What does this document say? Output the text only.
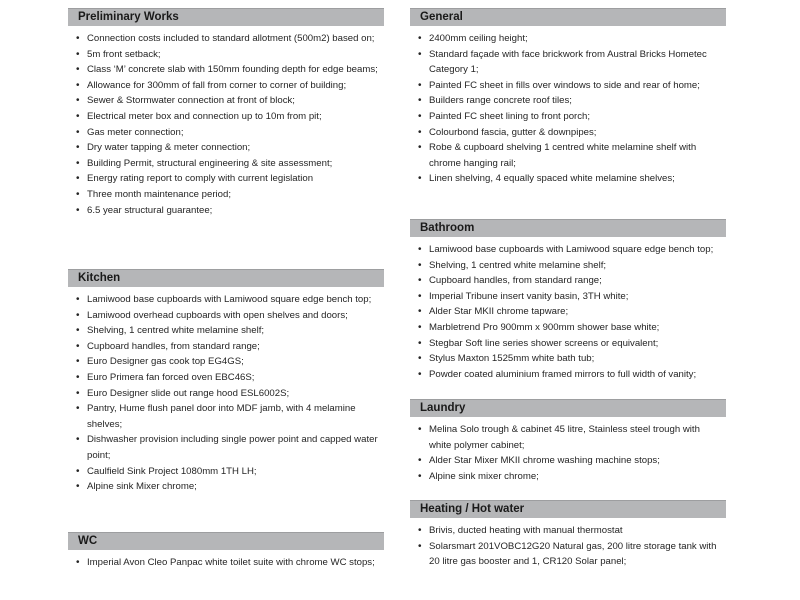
Preliminary Works
• Connection costs included to standard allotment (500m2) based on;
• 5m front setback;
• Class ‘M’ concrete slab with 150mm founding depth for edge beams;
• Allowance for 300mm of fall from corner to corner of building;
• Sewer & Stormwater connection at front of block;
• Electrical meter box and connection up to 10m from pit;
• Gas meter connection;
• Dry water tapping & meter connection;
• Building Permit, structural engineering & site assessment;
• Energy rating report to comply with current legislation
• Three month maintenance period;
• 6.5 year structural guarantee;
Kitchen
• Lamiwood base cupboards with Lamiwood square edge bench top;
• Lamiwood overhead cupboards with open shelves and doors;
• Shelving, 1 centred white melamine shelf;
• Cupboard handles, from standard range;
• Euro Designer gas cook top EG4GS;
• Euro Primera fan forced oven EBC46S;
• Euro Designer slide out range hood ESL6002S;
• Pantry, Hume flush panel door into MDF jamb, with 4 melamine shelves;
• Dishwasher provision including single power point and capped water point;
• Caulfield Sink Project 1080mm 1TH LH;
• Alpine sink Mixer chrome;
WC
• Imperial Avon Cleo Panpac white toilet suite with chrome WC stops;
General
• 2400mm ceiling height;
• Standard façade with face brickwork from Austral Bricks Hometec Category 1;
• Painted FC sheet in fills over windows to side and rear of home;
• Builders range concrete roof tiles;
• Painted FC sheet lining to front porch;
• Colourbond fascia, gutter & downpipes;
• Robe & cupboard shelving 1 centred white melamine shelf with chrome hanging rail;
• Linen shelving, 4 equally spaced white melamine shelves;
Bathroom
• Lamiwood base cupboards with Lamiwood square edge bench top;
• Shelving, 1 centred white melamine shelf;
• Cupboard handles, from standard range;
• Imperial Tribune insert vanity basin, 3TH white;
• Alder Star MKII chrome tapware;
• Marbletrend Pro 900mm x 900mm shower base white;
• Stegbar Soft line series shower screens or equivalent;
• Stylus Maxton 1525mm white bath tub;
• Powder coated aluminium framed mirrors to full width of vanity;
Laundry
• Melina Solo trough & cabinet 45 litre, Stainless steel trough with white polymer cabinet;
• Alder Star Mixer MKII chrome washing machine stops;
• Alpine sink mixer chrome;
Heating / Hot water
• Brivis, ducted heating with manual thermostat
• Solarsmart 201VOBC12G20 Natural gas, 200 litre storage tank with 20 litre gas booster and 1, CR120 Solar panel;
